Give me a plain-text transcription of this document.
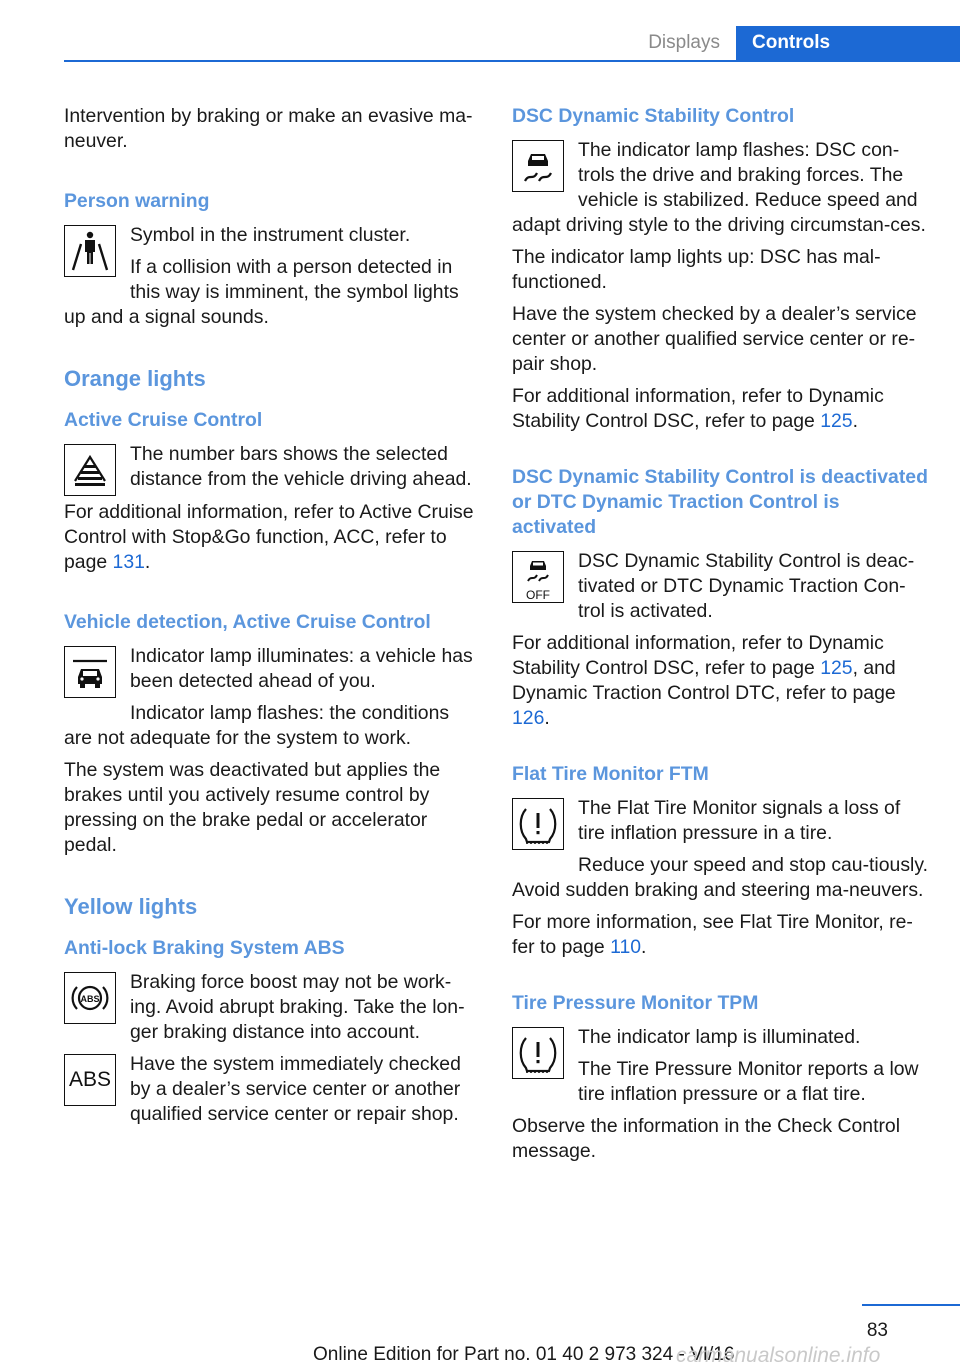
Displays	Controls

Intervention by braking or make an evasive ma‐neuver.

Person warning

Symbol in the instrument cluster.

If a collision with a person detected in this way is imminent, the symbol lights up and a signal sounds.

Orange lights
Active Cruise Control

The number bars shows the selected distance from the vehicle driving ahead.

For additional information, refer to Active Cruise Control with Stop&Go function, ACC, refer to page 131.

Vehicle detection, Active Cruise Control

Indicator lamp illuminates: a vehicle has been detected ahead of you.

Indicator lamp flashes: the conditions are not adequate for the system to work.

The system was deactivated but applies the brakes until you actively resume control by pressing on the brake pedal or accelerator pedal.

Yellow lights
Anti-lock Braking System ABS
ABS

Braking force boost may not be work‐ing. Avoid abrupt braking. Take the lon‐ger braking distance into account.

ABS

Have the system immediately checked by a dealer’s service center or another qualified service center or repair shop.

DSC Dynamic Stability Control

The indicator lamp flashes: DSC con‐trols the drive and braking forces. The vehicle is stabilized. Reduce speed and adapt driving style to the driving circumstan‐ces.

The indicator lamp lights up: DSC has mal‐functioned.

Have the system checked by a dealer’s service center or another qualified service center or re‐pair shop.

For additional information, refer to Dynamic Stability Control DSC, refer to page 125.

DSC Dynamic Stability Control is deactivated or DTC Dynamic Traction Control is activated
OFF

DSC Dynamic Stability Control is deac‐tivated or DTC Dynamic Traction Con‐trol is activated.

For additional information, refer to Dynamic Stability Control DSC, refer to page 125, and Dynamic Traction Control DTC, refer to page 126.

Flat Tire Monitor FTM

The Flat Tire Monitor signals a loss of tire inflation pressure in a tire.

Reduce your speed and stop cau‐tiously. Avoid sudden braking and steering ma‐neuvers.

For more information, see Flat Tire Monitor, re‐fer to page 110.

Tire Pressure Monitor TPM

The indicator lamp is illuminated.

The Tire Pressure Monitor reports a low tire inflation pressure or a flat tire.

Observe the information in the Check Control message.

83
Online Edition for Part no. 01 40 2 973 324 - VI/16
carmanualsonline.info
